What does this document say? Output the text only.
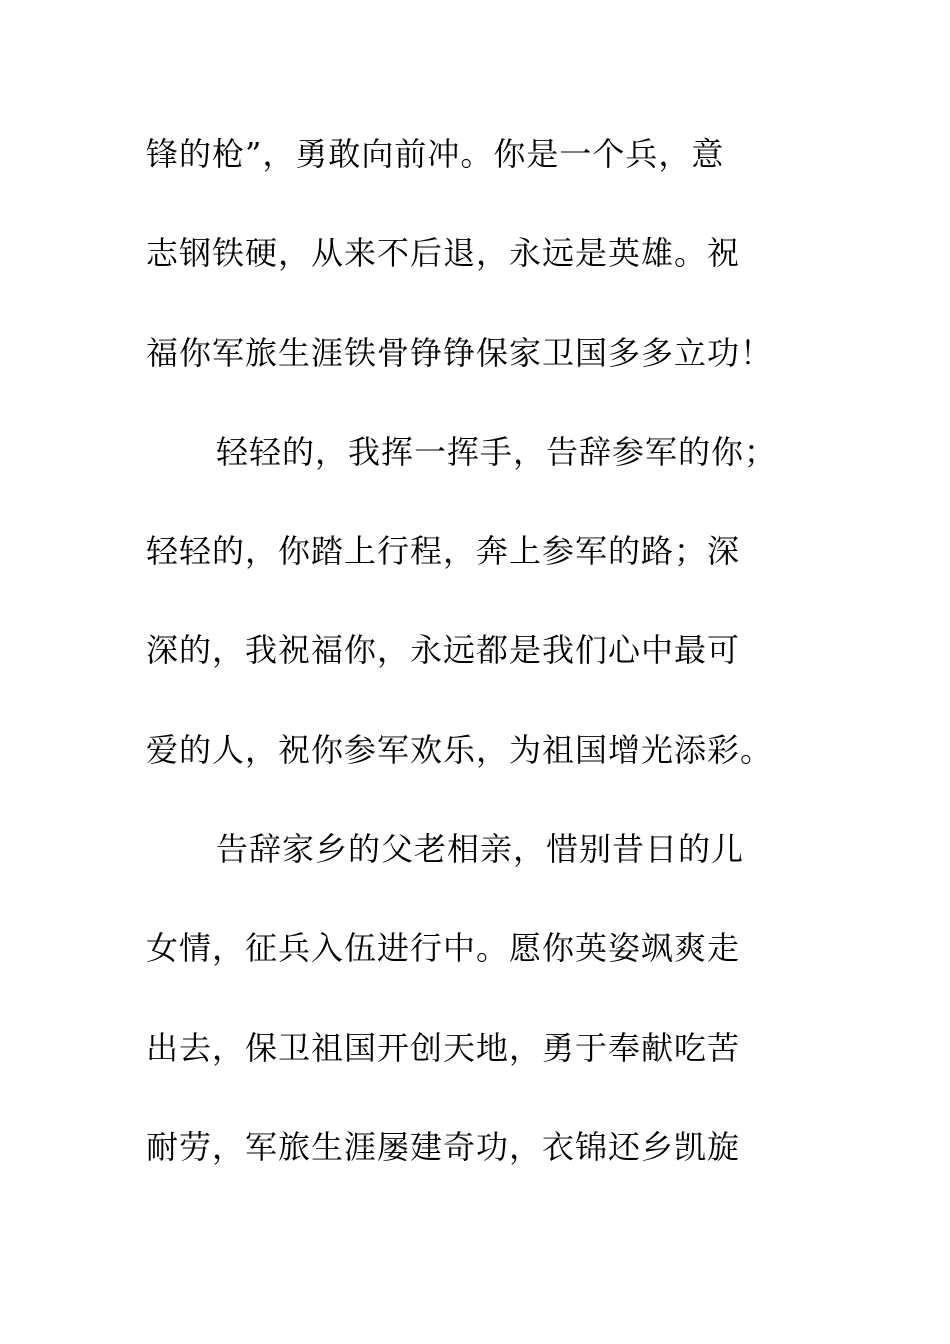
锋的枪”，勇敢向前冲。你是一个兵，意
志钢铁硬，从来不后退，永远是英雄。祝
福你军旅生涯铁骨铮铮保家卫国多多立功！
轻轻的，我挥一挥手，告辞参军的你；
轻轻的，你踏上行程，奔上参军的路；深
深的，我祝福你，永远都是我们心中最可
爱的人，祝你参军欢乐，为祖国增光添彩。
告辞家乡的父老相亲，惜别昔日的儿
女情，征兵入伍进行中。愿你英姿飒爽走
出去，保卫祖国开创天地，勇于奉献吃苦
耐劳，军旅生涯屡建奇功，衣锦还乡凯旋
